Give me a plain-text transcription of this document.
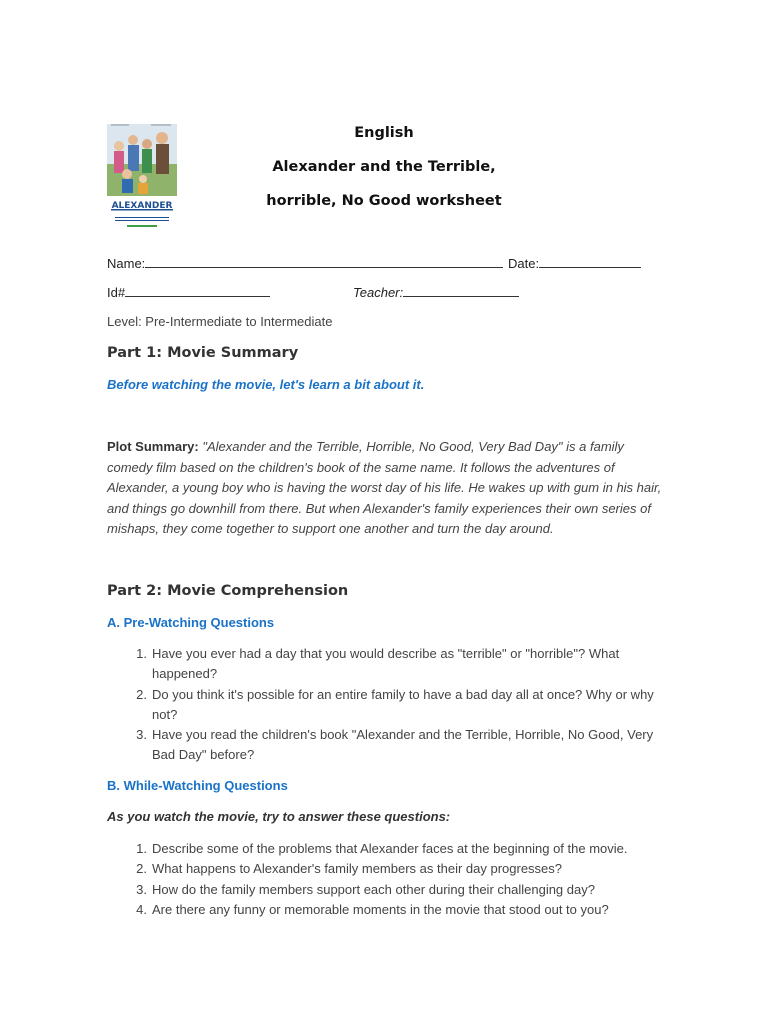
ALEXANDER
English
Alexander and the Terrible,
horrible, No Good worksheet
Name:	Date:
Id#	Teacher:
Level: Pre-Intermediate to Intermediate
Part 1: Movie Summary
Before watching the movie, let's learn a bit about it.
Plot Summary: "Alexander and the Terrible, Horrible, No Good, Very Bad Day" is a family comedy film based on the children's book of the same name. It follows the adventures of Alexander, a young boy who is having the worst day of his life. He wakes up with gum in his hair, and things go downhill from there. But when Alexander's family experiences their own series of mishaps, they come together to support one another and turn the day around.
Part 2: Movie Comprehension
A. Pre-Watching Questions
1. Have you ever had a day that you would describe as "terrible" or "horrible"? What happened?
2. Do you think it's possible for an entire family to have a bad day all at once? Why or why not?
3. Have you read the children's book "Alexander and the Terrible, Horrible, No Good, Very Bad Day" before?
B. While-Watching Questions
As you watch the movie, try to answer these questions:
1. Describe some of the problems that Alexander faces at the beginning of the movie.
2. What happens to Alexander's family members as their day progresses?
3. How do the family members support each other during their challenging day?
4. Are there any funny or memorable moments in the movie that stood out to you?
